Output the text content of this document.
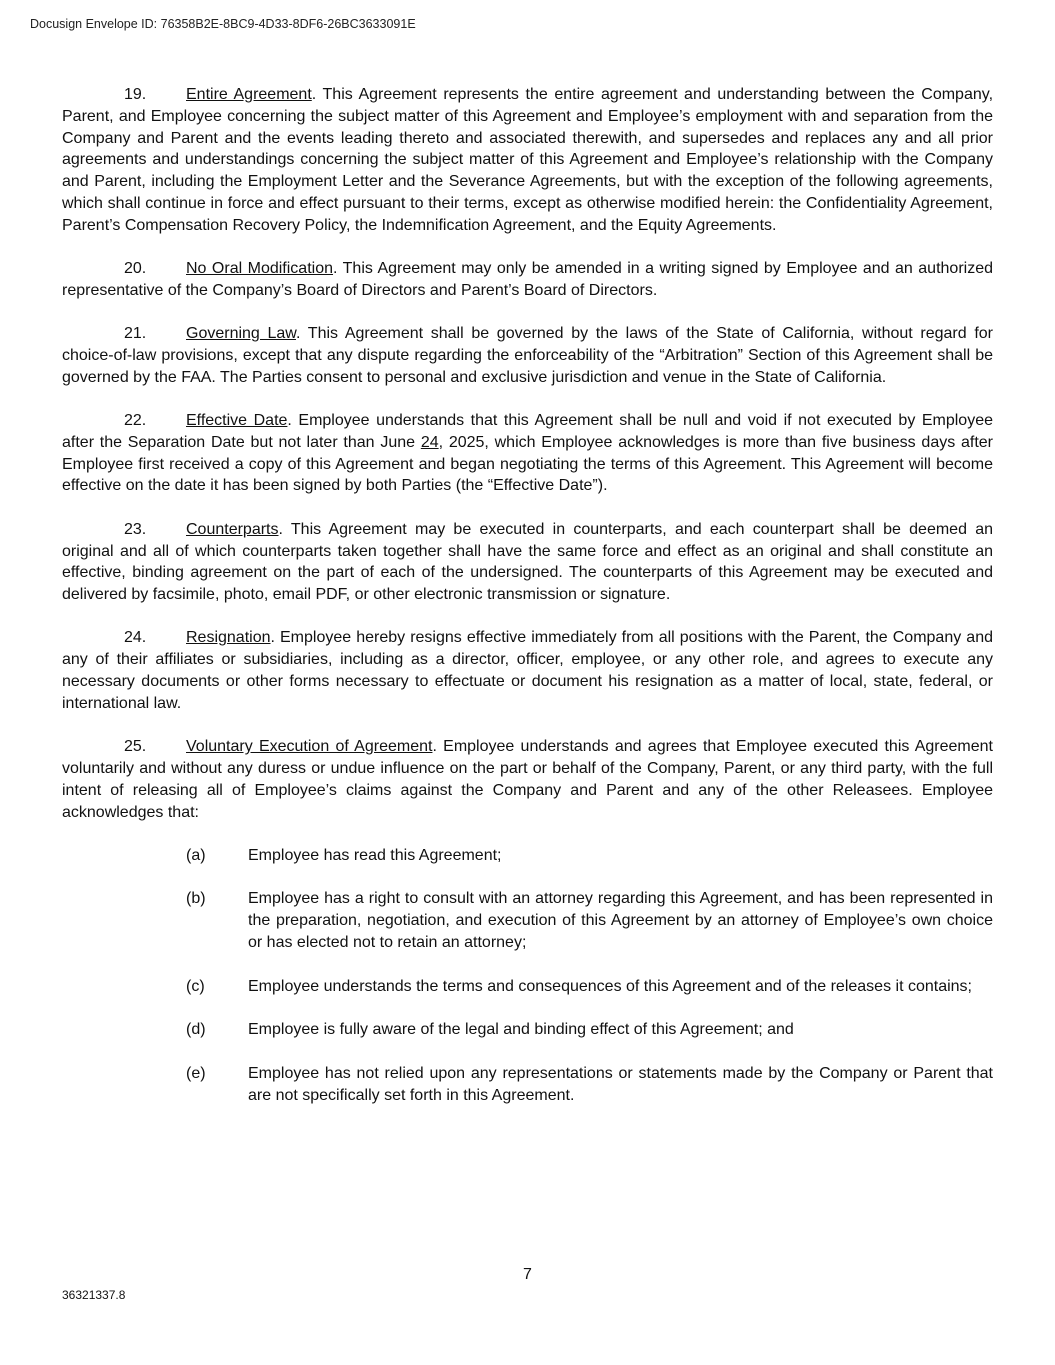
Docusign Envelope ID: 76358B2E-8BC9-4D33-8DF6-26BC3633091E

19. Entire Agreement. This Agreement represents the entire agreement and understanding between the Company, Parent, and Employee concerning the subject matter of this Agreement and Employee’s employment with and separation from the Company and Parent and the events leading thereto and associated therewith, and supersedes and replaces any and all prior agreements and understandings concerning the subject matter of this Agreement and Employee’s relationship with the Company and Parent, including the Employment Letter and the Severance Agreements, but with the exception of the following agreements, which shall continue in force and effect pursuant to their terms, except as otherwise modified herein: the Confidentiality Agreement, Parent’s Compensation Recovery Policy, the Indemnification Agreement, and the Equity Agreements.

20. No Oral Modification. This Agreement may only be amended in a writing signed by Employee and an authorized representative of the Company’s Board of Directors and Parent’s Board of Directors.

21. Governing Law. This Agreement shall be governed by the laws of the State of California, without regard for choice-of-law provisions, except that any dispute regarding the enforceability of the “Arbitration” Section of this Agreement shall be governed by the FAA. The Parties consent to personal and exclusive jurisdiction and venue in the State of California.

22. Effective Date. Employee understands that this Agreement shall be null and void if not executed by Employee after the Separation Date but not later than June 24, 2025, which Employee acknowledges is more than five business days after Employee first received a copy of this Agreement and began negotiating the terms of this Agreement. This Agreement will become effective on the date it has been signed by both Parties (the “Effective Date”).

23. Counterparts. This Agreement may be executed in counterparts, and each counterpart shall be deemed an original and all of which counterparts taken together shall have the same force and effect as an original and shall constitute an effective, binding agreement on the part of each of the undersigned. The counterparts of this Agreement may be executed and delivered by facsimile, photo, email PDF, or other electronic transmission or signature.

24. Resignation. Employee hereby resigns effective immediately from all positions with the Parent, the Company and any of their affiliates or subsidiaries, including as a director, officer, employee, or any other role, and agrees to execute any necessary documents or other forms necessary to effectuate or document his resignation as a matter of local, state, federal, or international law.

25. Voluntary Execution of Agreement. Employee understands and agrees that Employee executed this Agreement voluntarily and without any duress or undue influence on the part or behalf of the Company, Parent, or any third party, with the full intent of releasing all of Employee’s claims against the Company and Parent and any of the other Releasees. Employee acknowledges that:

(a)	Employee has read this Agreement;
(b)	Employee has a right to consult with an attorney regarding this Agreement, and has been represented in the preparation, negotiation, and execution of this Agreement by an attorney of Employee’s own choice or has elected not to retain an attorney;
(c)	Employee understands the terms and consequences of this Agreement and of the releases it contains;
(d)	Employee is fully aware of the legal and binding effect of this Agreement; and
(e)	Employee has not relied upon any representations or statements made by the Company or Parent that are not specifically set forth in this Agreement.
7
36321337.8
